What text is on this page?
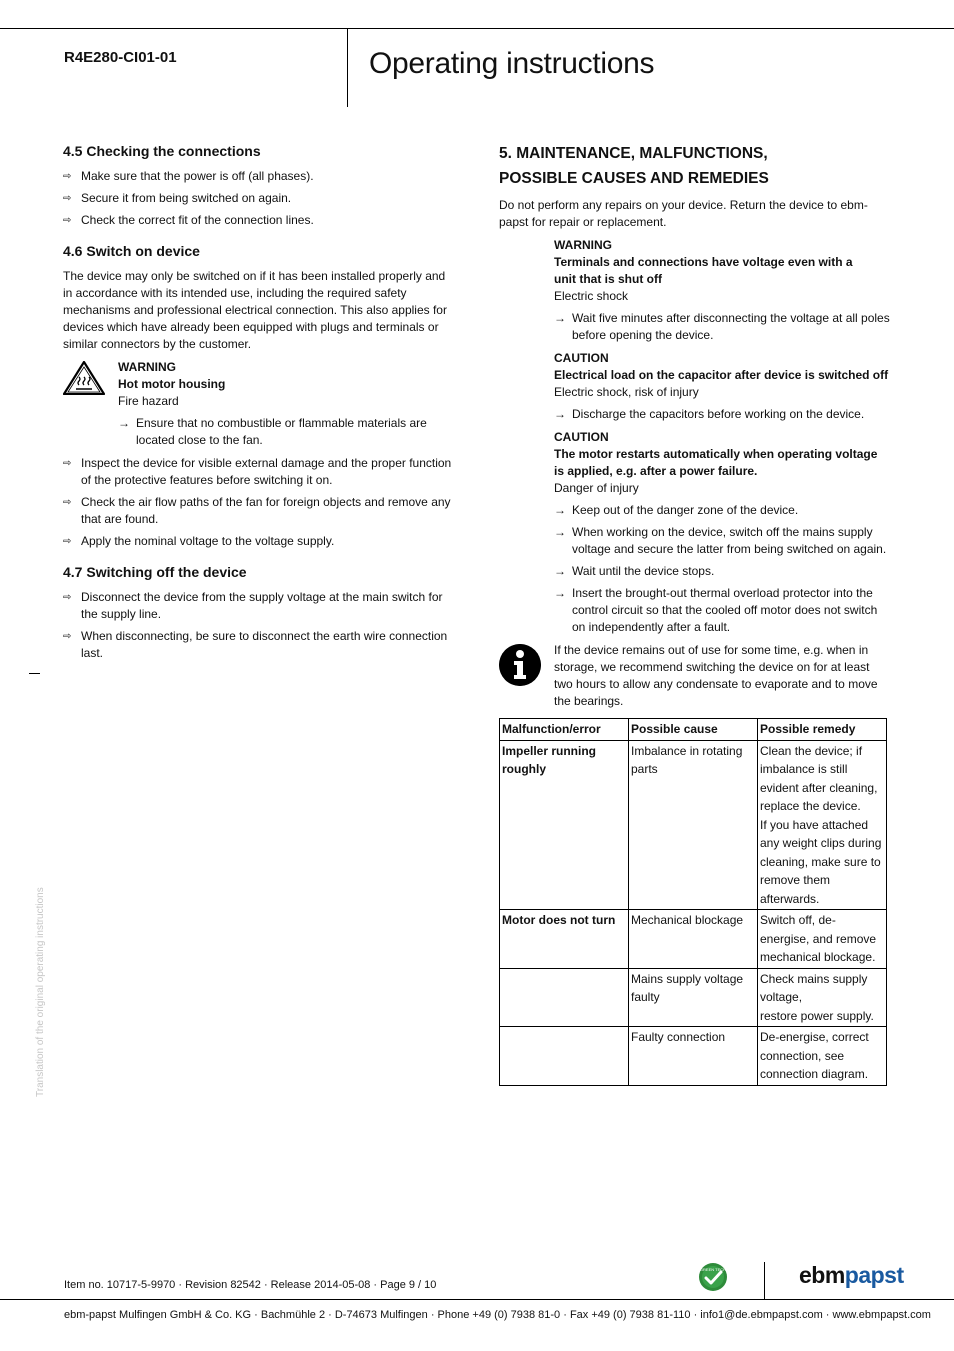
R4E280-CI01-01	Operating instructions
4.5 Checking the connections
⇨ Make sure that the power is off (all phases).
⇨ Secure it from being switched on again.
⇨ Check the correct fit of the connection lines.
4.6 Switch on device

The device may only be switched on if it has been installed properly and in accordance with its intended use, including the required safety mechanisms and professional electrical connection. This also applies for devices which have already been equipped with plugs and terminals or similar connectors by the customer.

WARNING
Hot motor housing
Fire hazard
→ Ensure that no combustible or flammable materials are located close to the fan.
⇨ Inspect the device for visible external damage and the proper function of the protective features before switching it on.
⇨ Check the air flow paths of the fan for foreign objects and remove any that are found.
⇨ Apply the nominal voltage to the voltage supply.
4.7 Switching off the device
⇨ Disconnect the device from the supply voltage at the main switch for the supply line.
⇨ When disconnecting, be sure to disconnect the earth wire connection last.
5. MAINTENANCE, MALFUNCTIONS, POSSIBLE CAUSES AND REMEDIES

Do not perform any repairs on your device. Return the device to ebm-papst for repair or replacement.

WARNING
Terminals and connections have voltage even with a unit that is shut off
Electric shock
→ Wait five minutes after disconnecting the voltage at all poles before opening the device.
CAUTION
Electrical load on the capacitor after device is switched off
Electric shock, risk of injury
→ Discharge the capacitors before working on the device.
CAUTION
The motor restarts automatically when operating voltage is applied, e.g. after a power failure.
Danger of injury
→ Keep out of the danger zone of the device.
→ When working on the device, switch off the mains supply voltage and secure the latter from being switched on again.
→ Wait until the device stops.
→ Insert the brought-out thermal overload protector into the control circuit so that the cooled off motor does not switch on independently after a fault.
If the device remains out of use for some time, e.g. when in storage, we recommend switching the device on for at least two hours to allow any condensate to evaporate and to move the bearings.
Malfunction/error	Possible cause	Possible remedy
Impeller running roughly	Imbalance in rotating parts	Clean the device; if imbalance is still evident after cleaning, replace the device.
If you have attached any weight clips during cleaning, make sure to remove them afterwards.
Motor does not turn	Mechanical blockage	Switch off, de-energise, and remove mechanical blockage.
	Mains supply voltage faulty	Check mains supply voltage,
restore power supply.
	Faulty connection	De-energise, correct connection, see connection diagram.
Translation of the original operating instructions
Item no. 10717-5-9970 · Revision 82542 · Release 2014-05-08 · Page 9 / 10
GREEN TECH	ebmpapst
ebm-papst Mulfingen GmbH & Co. KG · Bachmühle 2 · D-74673 Mulfingen · Phone +49 (0) 7938 81-0 · Fax +49 (0) 7938 81-110 · info1@de.ebmpapst.com · www.ebmpapst.com
